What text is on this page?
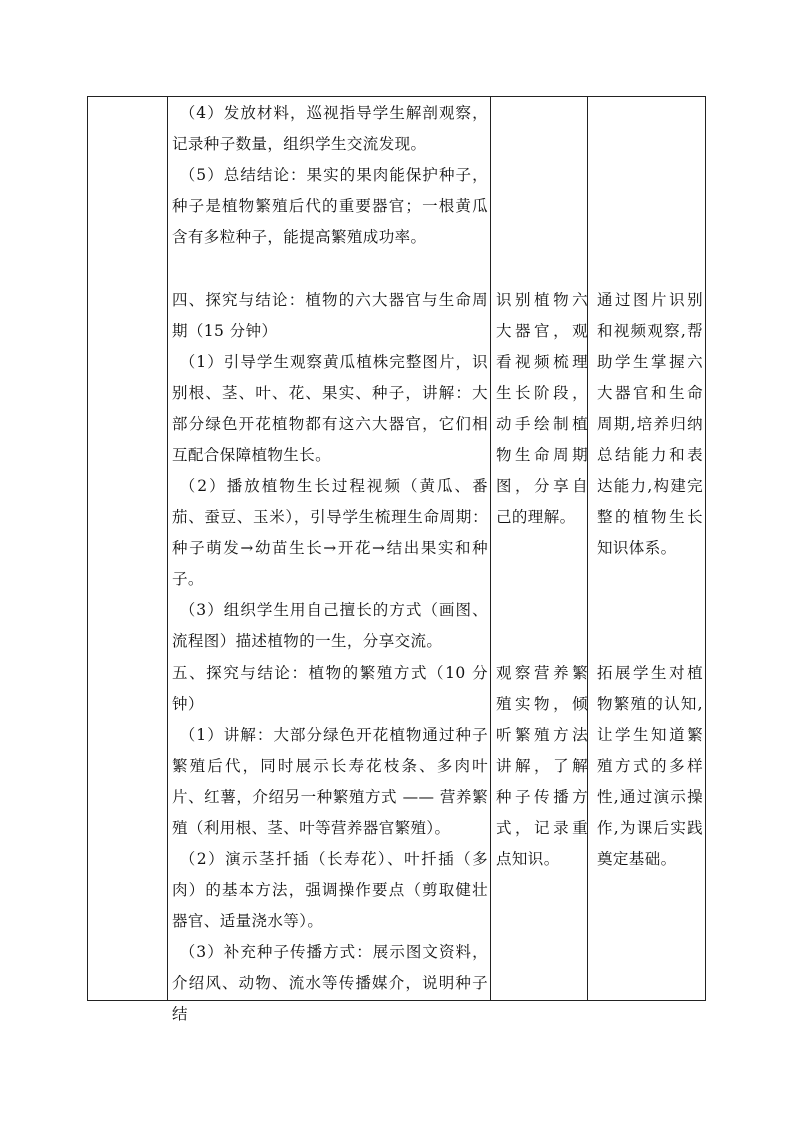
（4）发放材料，巡视指导学生解剖观察，记录种子数量，组织学生交流发现。

（5）总结结论：果实的果肉能保护种子，种子是植物繁殖后代的重要器官；一根黄瓜含有多粒种子，能提高繁殖成功率。

四、探究与结论：植物的六大器官与生命周期（15 分钟）

（1）引导学生观察黄瓜植株完整图片，识别根、茎、叶、花、果实、种子，讲解：大部分绿色开花植物都有这六大器官，它们相互配合保障植物生长。

（2）播放植物生长过程视频（黄瓜、番茄、蚕豆、玉米），引导学生梳理生命周期：种子萌发→幼苗生长→开花→结出果实和种子。

（3）组织学生用自己擅长的方式（画图、流程图）描述植物的一生，分享交流。

五、探究与结论：植物的繁殖方式（10 分钟）

（1）讲解：大部分绿色开花植物通过种子繁殖后代，同时展示长寿花枝条、多肉叶片、红薯，介绍另一种繁殖方式 —— 营养繁殖（利用根、茎、叶等营养器官繁殖）。

（2）演示茎扦插（长寿花）、叶扦插（多肉）的基本方法，强调操作要点（剪取健壮器官、适量浇水等）。

（3）补充种子传播方式：展示图文资料，介绍风、动物、流水等传播媒介，说明种子结

识别植物六大器官，观看视频梳理生长阶段，动手绘制植物生命周期图，分享自己的理解。

观察营养繁殖实物，倾听繁殖方法讲解，了解种子传播方式，记录重点知识。

通过图片识别和视频观察,帮助学生掌握六大器官和生命周期,培养归纳总结能力和表达能力,构建完整的植物生长知识体系。

拓展学生对植物繁殖的认知,让学生知道繁殖方式的多样性,通过演示操作,为课后实践奠定基础。
